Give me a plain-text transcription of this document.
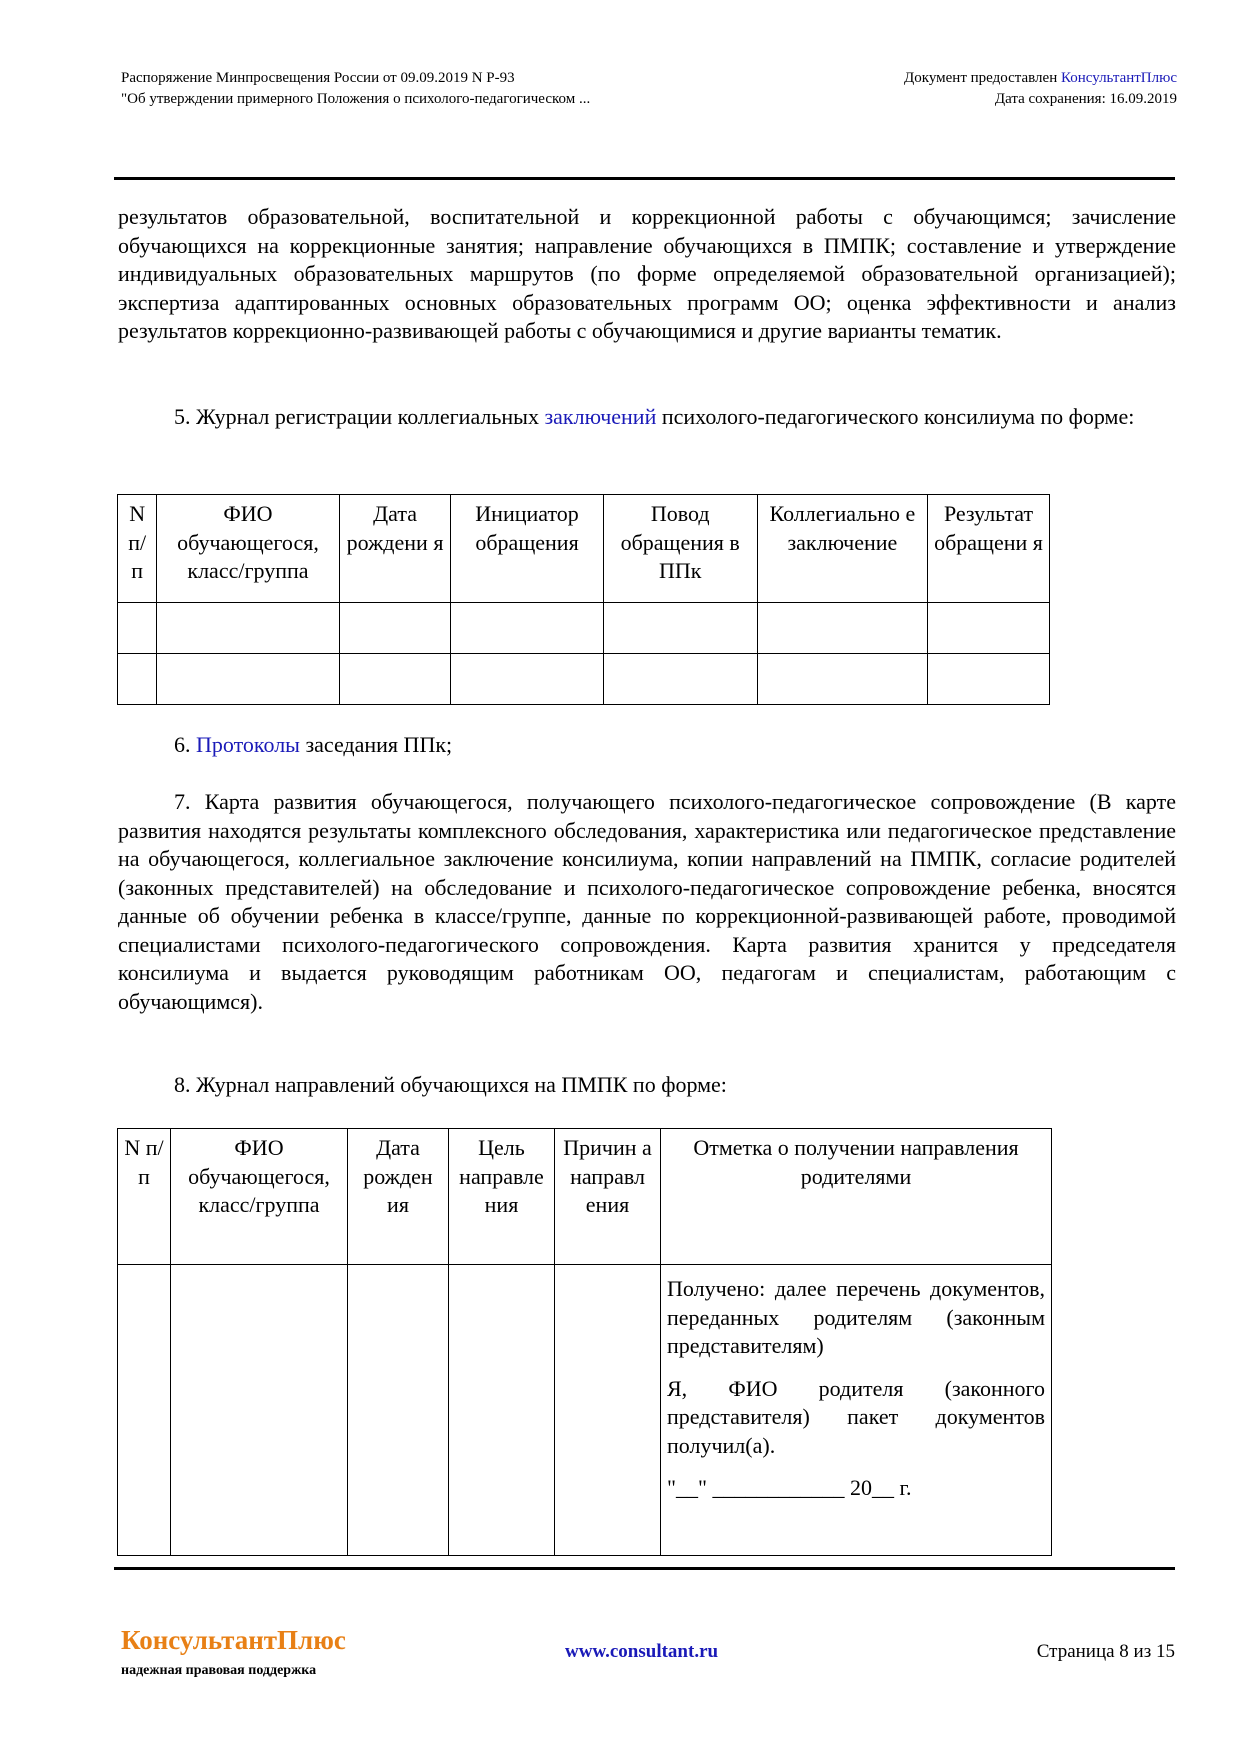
Распоряжение Минпросвещения России от 09.09.2019 N Р-93
"Об утверждении примерного Положения о психолого-педагогическом ...
Документ предоставлен КонсультантПлюс
Дата сохранения: 16.09.2019
результатов образовательной, воспитательной и коррекционной работы с обучающимся; зачисление обучающихся на коррекционные занятия; направление обучающихся в ПМПК; составление и утверждение индивидуальных образовательных маршрутов (по форме определяемой образовательной организацией); экспертиза адаптированных основных образовательных программ ОО; оценка эффективности и анализ результатов коррекционно-развивающей работы с обучающимися и другие варианты тематик.
5. Журнал регистрации коллегиальных заключений психолого-педагогического консилиума по форме:
N п/ п	ФИО обучающегося, класс/группа	Дата рождени я	Инициатор обращения	Повод обращения в ППк	Коллегиально е заключение	Результат обращени я

6. Протоколы заседания ППк;
7. Карта развития обучающегося, получающего психолого-педагогическое сопровождение (В карте развития находятся результаты комплексного обследования, характеристика или педагогическое представление на обучающегося, коллегиальное заключение консилиума, копии направлений на ПМПК, согласие родителей (законных представителей) на обследование и психолого-педагогическое сопровождение ребенка, вносятся данные об обучении ребенка в классе/группе, данные по коррекционной-развивающей работе, проводимой специалистами психолого-педагогического сопровождения. Карта развития хранится у председателя консилиума и выдается руководящим работникам ОО, педагогам и специалистам, работающим с обучающимся).
8. Журнал направлений обучающихся на ПМПК по форме:
N п/п	ФИО обучающегося, класс/группа	Дата рожден ия	Цель направле ния	Причин а направл ения	Отметка о получении направления родителями

					Получено: далее перечень документов, переданных родителям (законным представителям)

Я, ФИО родителя (законного представителя) пакет документов получил(а).

"__" ____________ 20__ г.

КонсультантПлюс
надежная правовая поддержка
www.consultant.ru	Страница 8 из 15
